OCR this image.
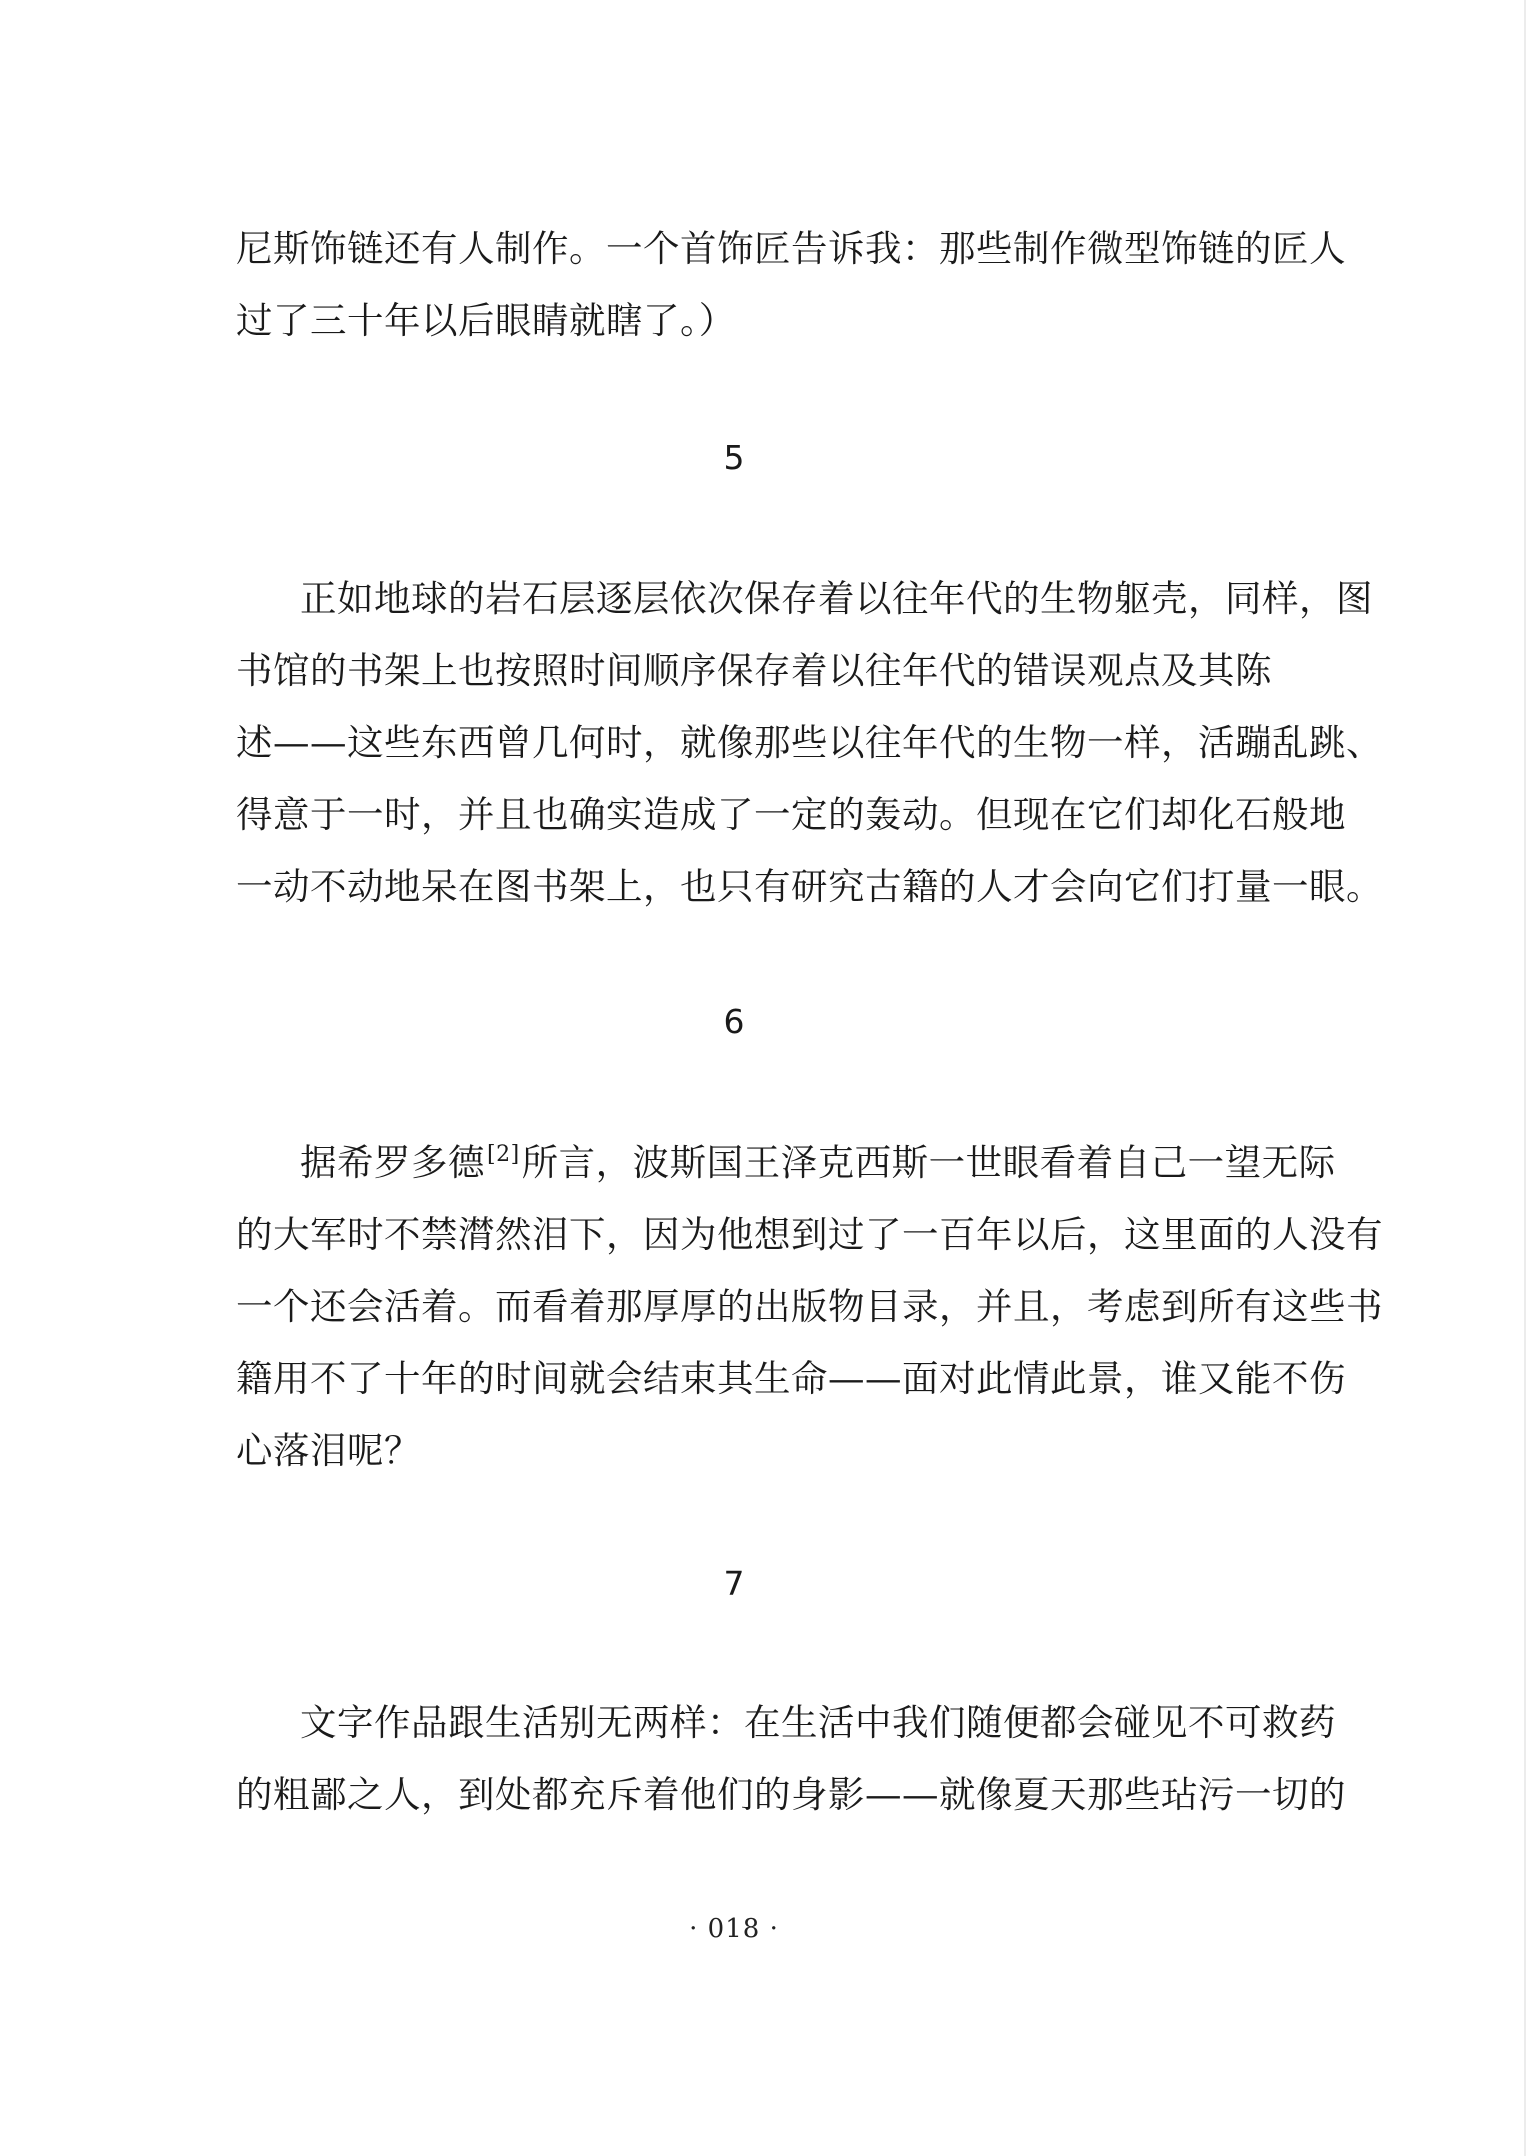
尼斯饰链还有人制作。一个首饰匠告诉我：那些制作微型饰链的匠人
过了三十年以后眼睛就瞎了。）
5
正如地球的岩石层逐层依次保存着以往年代的生物躯壳，同样，图
书馆的书架上也按照时间顺序保存着以往年代的错误观点及其陈
述——这些东西曾几何时，就像那些以往年代的生物一样，活蹦乱跳、
得意于一时，并且也确实造成了一定的轰动。但现在它们却化石般地
一动不动地呆在图书架上，也只有研究古籍的人才会向它们打量一眼。
6
据希罗多德[2]所言，波斯国王泽克西斯一世眼看着自己一望无际
的大军时不禁潸然泪下，因为他想到过了一百年以后，这里面的人没有
一个还会活着。而看着那厚厚的出版物目录，并且，考虑到所有这些书
籍用不了十年的时间就会结束其生命——面对此情此景，谁又能不伤
心落泪呢？
7
文字作品跟生活别无两样：在生活中我们随便都会碰见不可救药
的粗鄙之人，到处都充斥着他们的身影——就像夏天那些玷污一切的
· 018 ·
